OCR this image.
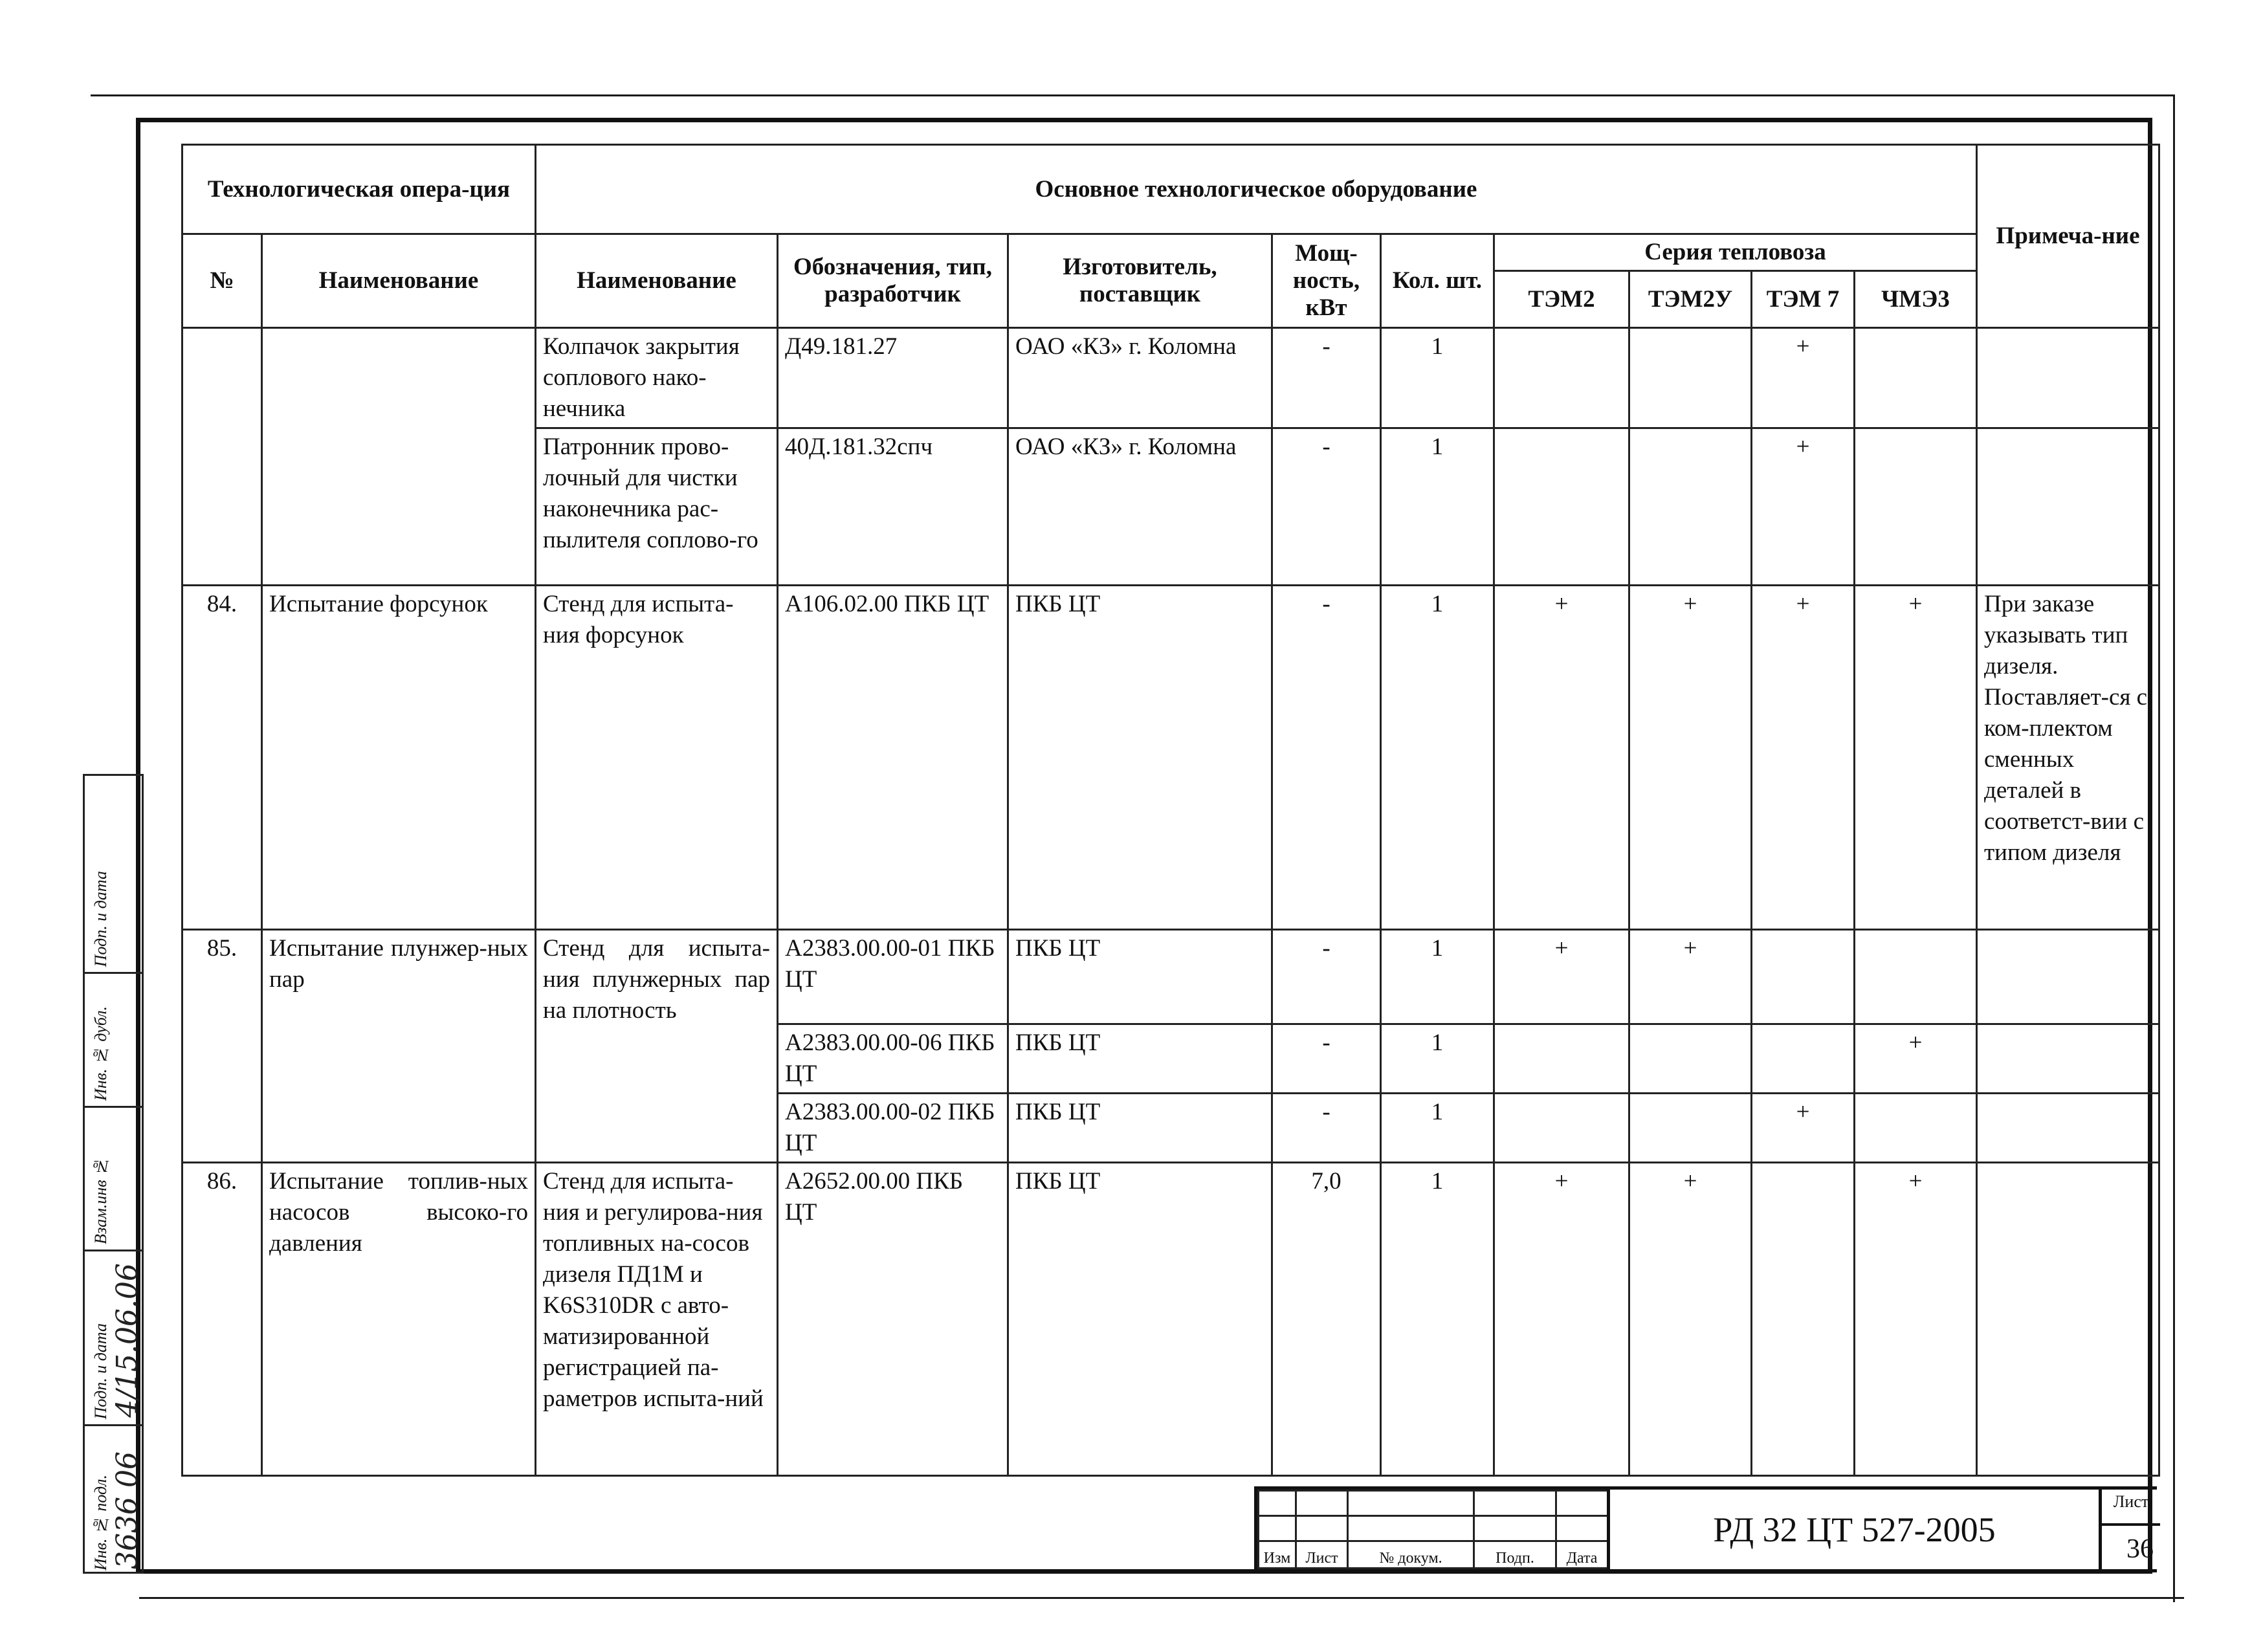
Технологическая опера-ция		Основное технологическое оборудование									Примеча-ние
№	Наименование	Наименование	Обозначения, тип, разработчик	Изготовитель, поставщик	Мощ-ность, кВт	Кол. шт.	Серия тепловоза				
							ТЭМ2	ТЭМ2У	ТЭМ 7	ЧМЭ3	
		Колпачок закрытия соплового нако-нечника	Д49.181.27	ОАО «КЗ» г. Коломна	-	1			+		
		Патронник прово-лочный для чистки наконечника рас-пылителя соплово-го	40Д.181.32спч	ОАО «КЗ» г. Коломна	-	1			+		
84.	Испытание форсунок	Стенд для испыта-ния форсунок	А106.02.00 ПКБ ЦТ	ПКБ ЦТ	-	1	+	+	+	+	При заказе указывать тип дизеля. Поставляет-ся с ком-плектом сменных деталей в соответст-вии с типом дизеля
85.	Испытание плунжер-ных пар	Стенд для испыта-ния плунжерных пар на плотность	А2383.00.00-01 ПКБ ЦТ	ПКБ ЦТ	-	1	+	+			
			А2383.00.00-06 ПКБ ЦТ	ПКБ ЦТ	-	1				+	
			А2383.00.00-02 ПКБ ЦТ	ПКБ ЦТ	-	1			+		
86.	Испытание топлив-ных насосов высоко-го давления	Стенд для испыта-ния и регулирова-ния топливных на-сосов дизеля ПД1М и K6S310DR с авто-матизированной регистрацией па-раметров испыта-ний	А2652.00.00 ПКБ ЦТ	ПКБ ЦТ	7,0	1	+	+		+	
Подп. и дата
Инв. № дубл.
Взам.инв №
Подп. и дата 4/15.06.06
Инв. № подл. 3636 06

					Изм	Лист	№ докум.	Подп.	Дата
РД 32 ЦТ 527-2005
Лист
36
